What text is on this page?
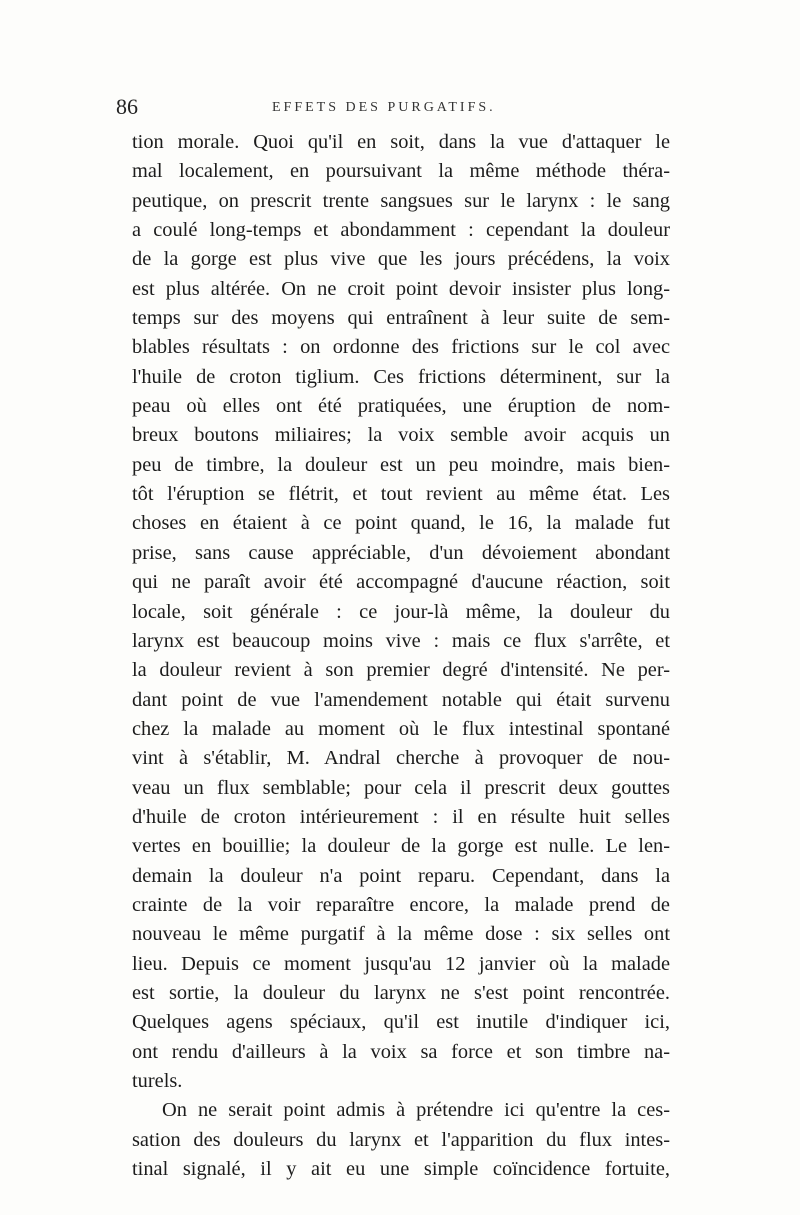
86	EFFETS DES PURGATIFS.
tion morale. Quoi qu'il en soit, dans la vue d'attaquer le
mal localement, en poursuivant la même méthode théra-
peutique, on prescrit trente sangsues sur le larynx : le sang
a coulé long-temps et abondamment : cependant la douleur
de la gorge est plus vive que les jours précédens, la voix
est plus altérée. On ne croit point devoir insister plus long-
temps sur des moyens qui entraînent à leur suite de sem-
blables résultats : on ordonne des frictions sur le col avec
l'huile de croton tiglium. Ces frictions déterminent, sur la
peau où elles ont été pratiquées, une éruption de nom-
breux boutons miliaires; la voix semble avoir acquis un
peu de timbre, la douleur est un peu moindre, mais bien-
tôt l'éruption se flétrit, et tout revient au même état. Les
choses en étaient à ce point quand, le 16, la malade fut
prise, sans cause appréciable, d'un dévoiement abondant
qui ne paraît avoir été accompagné d'aucune réaction, soit
locale, soit générale : ce jour-là même, la douleur du
larynx est beaucoup moins vive : mais ce flux s'arrête, et
la douleur revient à son premier degré d'intensité. Ne per-
dant point de vue l'amendement notable qui était survenu
chez la malade au moment où le flux intestinal spontané
vint à s'établir, M. Andral cherche à provoquer de nou-
veau un flux semblable; pour cela il prescrit deux gouttes
d'huile de croton intérieurement : il en résulte huit selles
vertes en bouillie; la douleur de la gorge est nulle. Le len-
demain la douleur n'a point reparu. Cependant, dans la
crainte de la voir reparaître encore, la malade prend de
nouveau le même purgatif à la même dose : six selles ont
lieu. Depuis ce moment jusqu'au 12 janvier où la malade
est sortie, la douleur du larynx ne s'est point rencontrée.
Quelques agens spéciaux, qu'il est inutile d'indiquer ici,
ont rendu d'ailleurs à la voix sa force et son timbre na-
turels.
On ne serait point admis à prétendre ici qu'entre la ces-
sation des douleurs du larynx et l'apparition du flux intes-
tinal signalé, il y ait eu une simple coïncidence fortuite,
